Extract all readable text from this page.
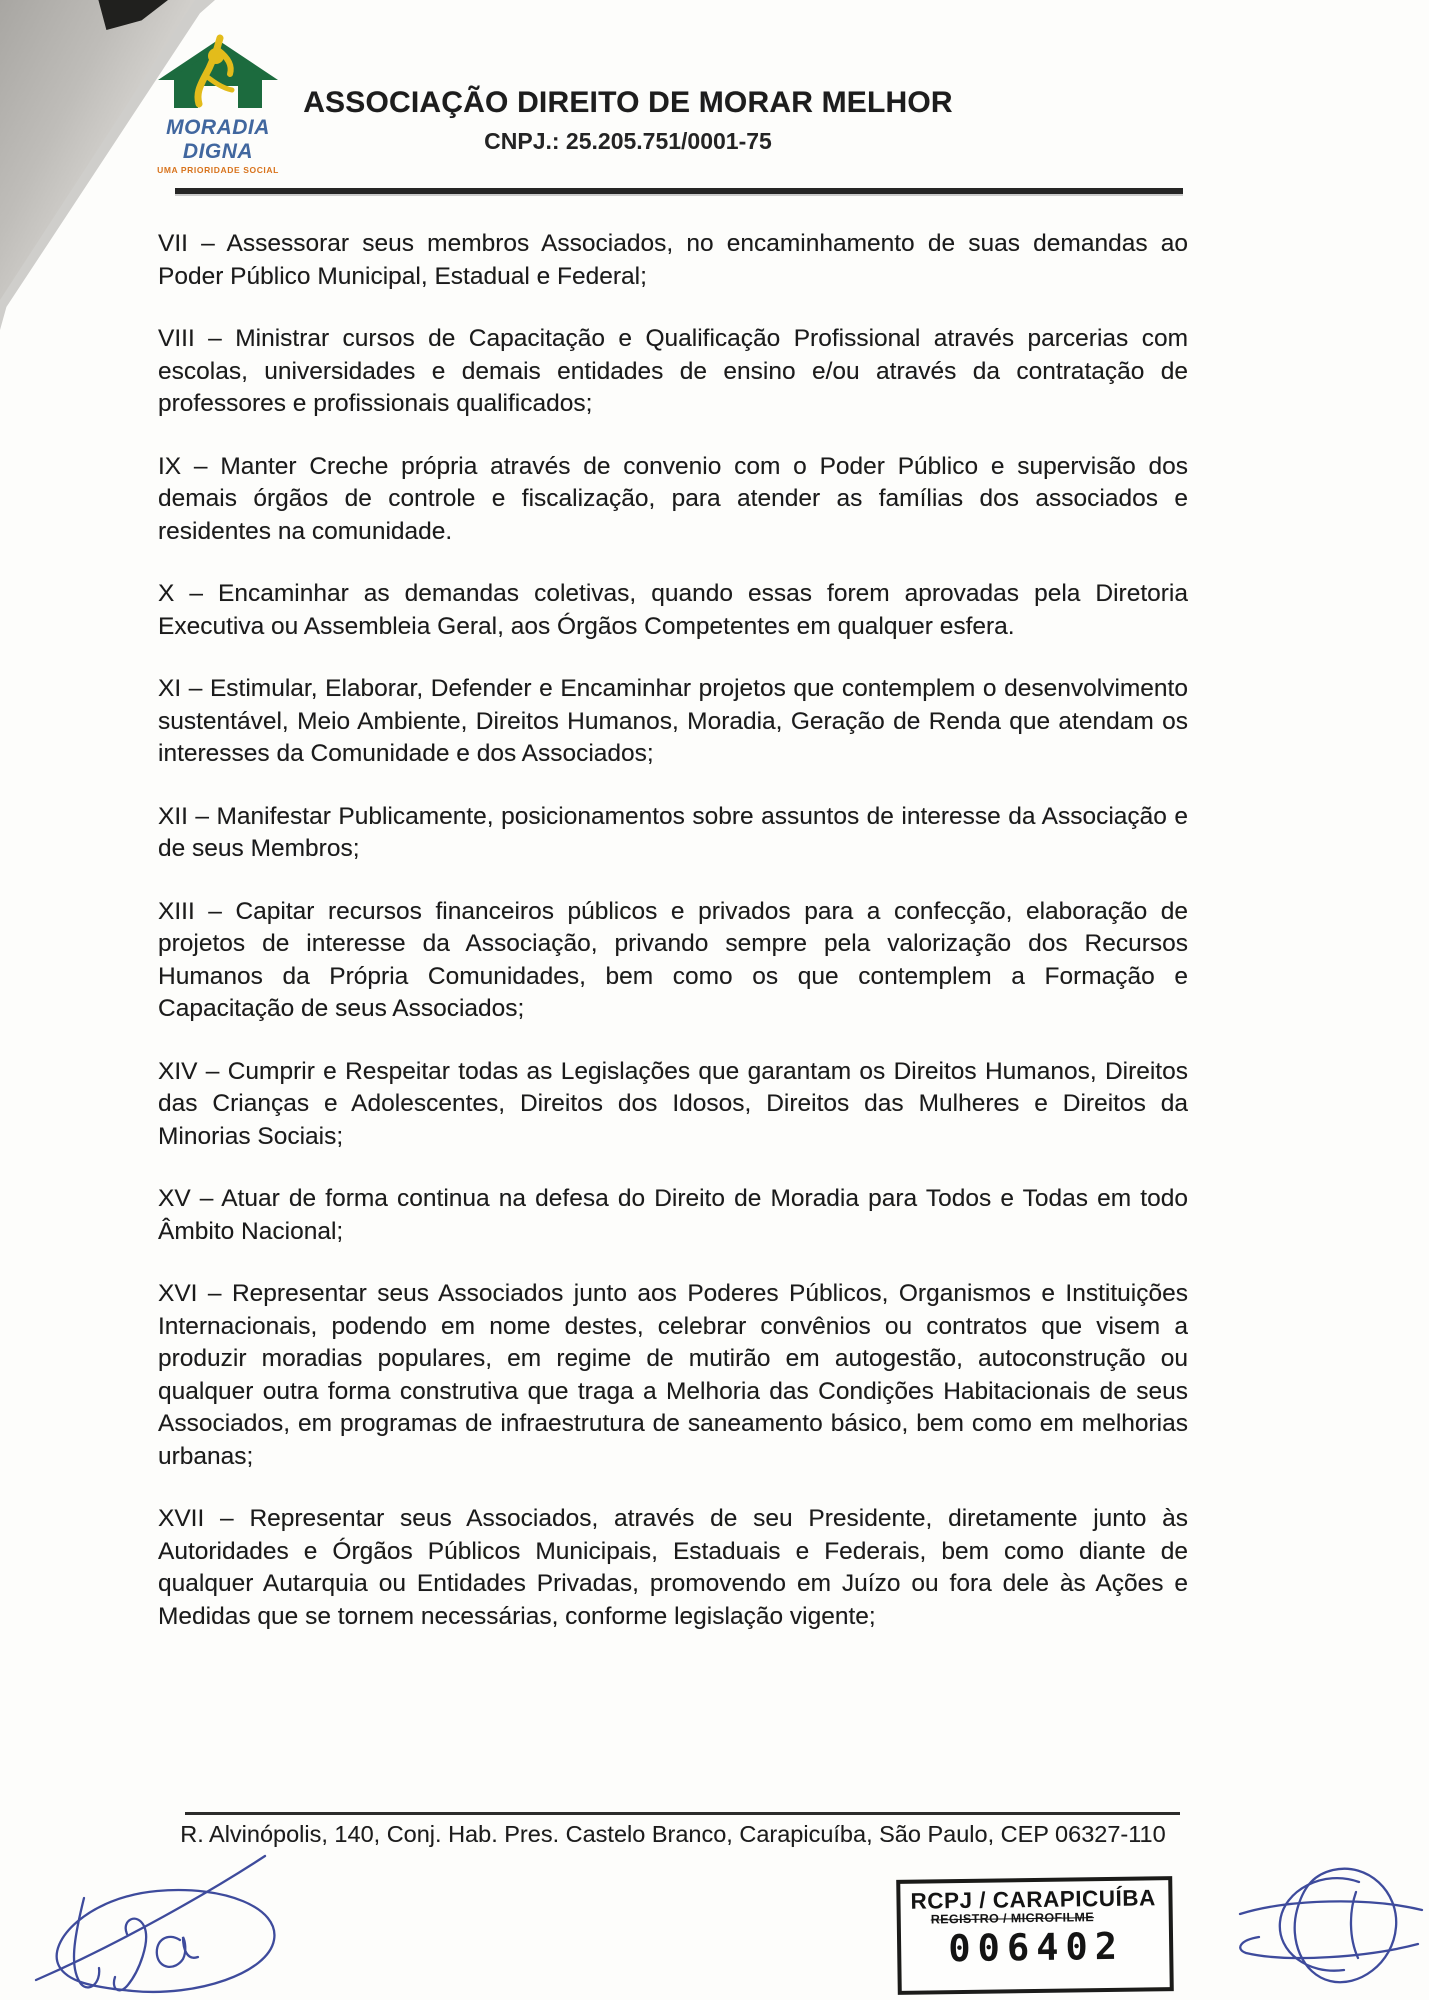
MORADIA DIGNA
UMA PRIORIDADE SOCIAL
ASSOCIAÇÃO DIREITO DE MORAR MELHOR
CNPJ.: 25.205.751/0001-75

VII – Assessorar seus membros Associados, no encaminhamento de suas demandas ao Poder Público Municipal, Estadual e Federal;

VIII – Ministrar cursos de Capacitação e Qualificação Profissional através parcerias com escolas, universidades e demais entidades de ensino e/ou através da contratação de professores e profissionais qualificados;

IX – Manter Creche própria através de convenio com o Poder Público e supervisão dos demais órgãos de controle e fiscalização, para atender as famílias dos associados e residentes na comunidade.

X – Encaminhar as demandas coletivas, quando essas forem aprovadas pela Diretoria Executiva ou Assembleia Geral, aos Órgãos Competentes em qualquer esfera.

XI – Estimular, Elaborar, Defender e Encaminhar projetos que contemplem o desenvolvimento sustentável, Meio Ambiente, Direitos Humanos, Moradia, Geração de Renda que atendam os interesses da Comunidade e dos Associados;

XII – Manifestar Publicamente, posicionamentos sobre assuntos de interesse da Associação e de seus Membros;

XIII – Capitar recursos financeiros públicos e privados para a confecção, elaboração de projetos de interesse da Associação, privando sempre pela valorização dos Recursos Humanos da Própria Comunidades, bem como os que contemplem a Formação e Capacitação de seus Associados;

XIV – Cumprir e Respeitar todas as Legislações que garantam os Direitos Humanos, Direitos das Crianças e Adolescentes, Direitos dos Idosos, Direitos das Mulheres e Direitos da Minorias Sociais;

XV – Atuar de forma continua na defesa do Direito de Moradia para Todos e Todas em todo Âmbito Nacional;

XVI – Representar seus Associados junto aos Poderes Públicos, Organismos e Instituições Internacionais, podendo em nome destes, celebrar convênios ou contratos que visem a produzir moradias populares, em regime de mutirão em autogestão, autoconstrução ou qualquer outra forma construtiva que traga a Melhoria das Condições Habitacionais de seus Associados, em programas de infraestrutura de saneamento básico, bem como em melhorias urbanas;

XVII – Representar seus Associados, através de seu Presidente, diretamente junto às Autoridades e Órgãos Públicos Municipais, Estaduais e Federais, bem como diante de qualquer Autarquia ou Entidades Privadas, promovendo em Juízo ou fora dele às Ações e Medidas que se tornem necessárias, conforme legislação vigente;

R. Alvinópolis, 140, Conj. Hab. Pres. Castelo Branco, Carapicuíba, São Paulo, CEP 06327-110
RCPJ / CARAPICUÍBA
REGISTRO / MICROFILME
006402
